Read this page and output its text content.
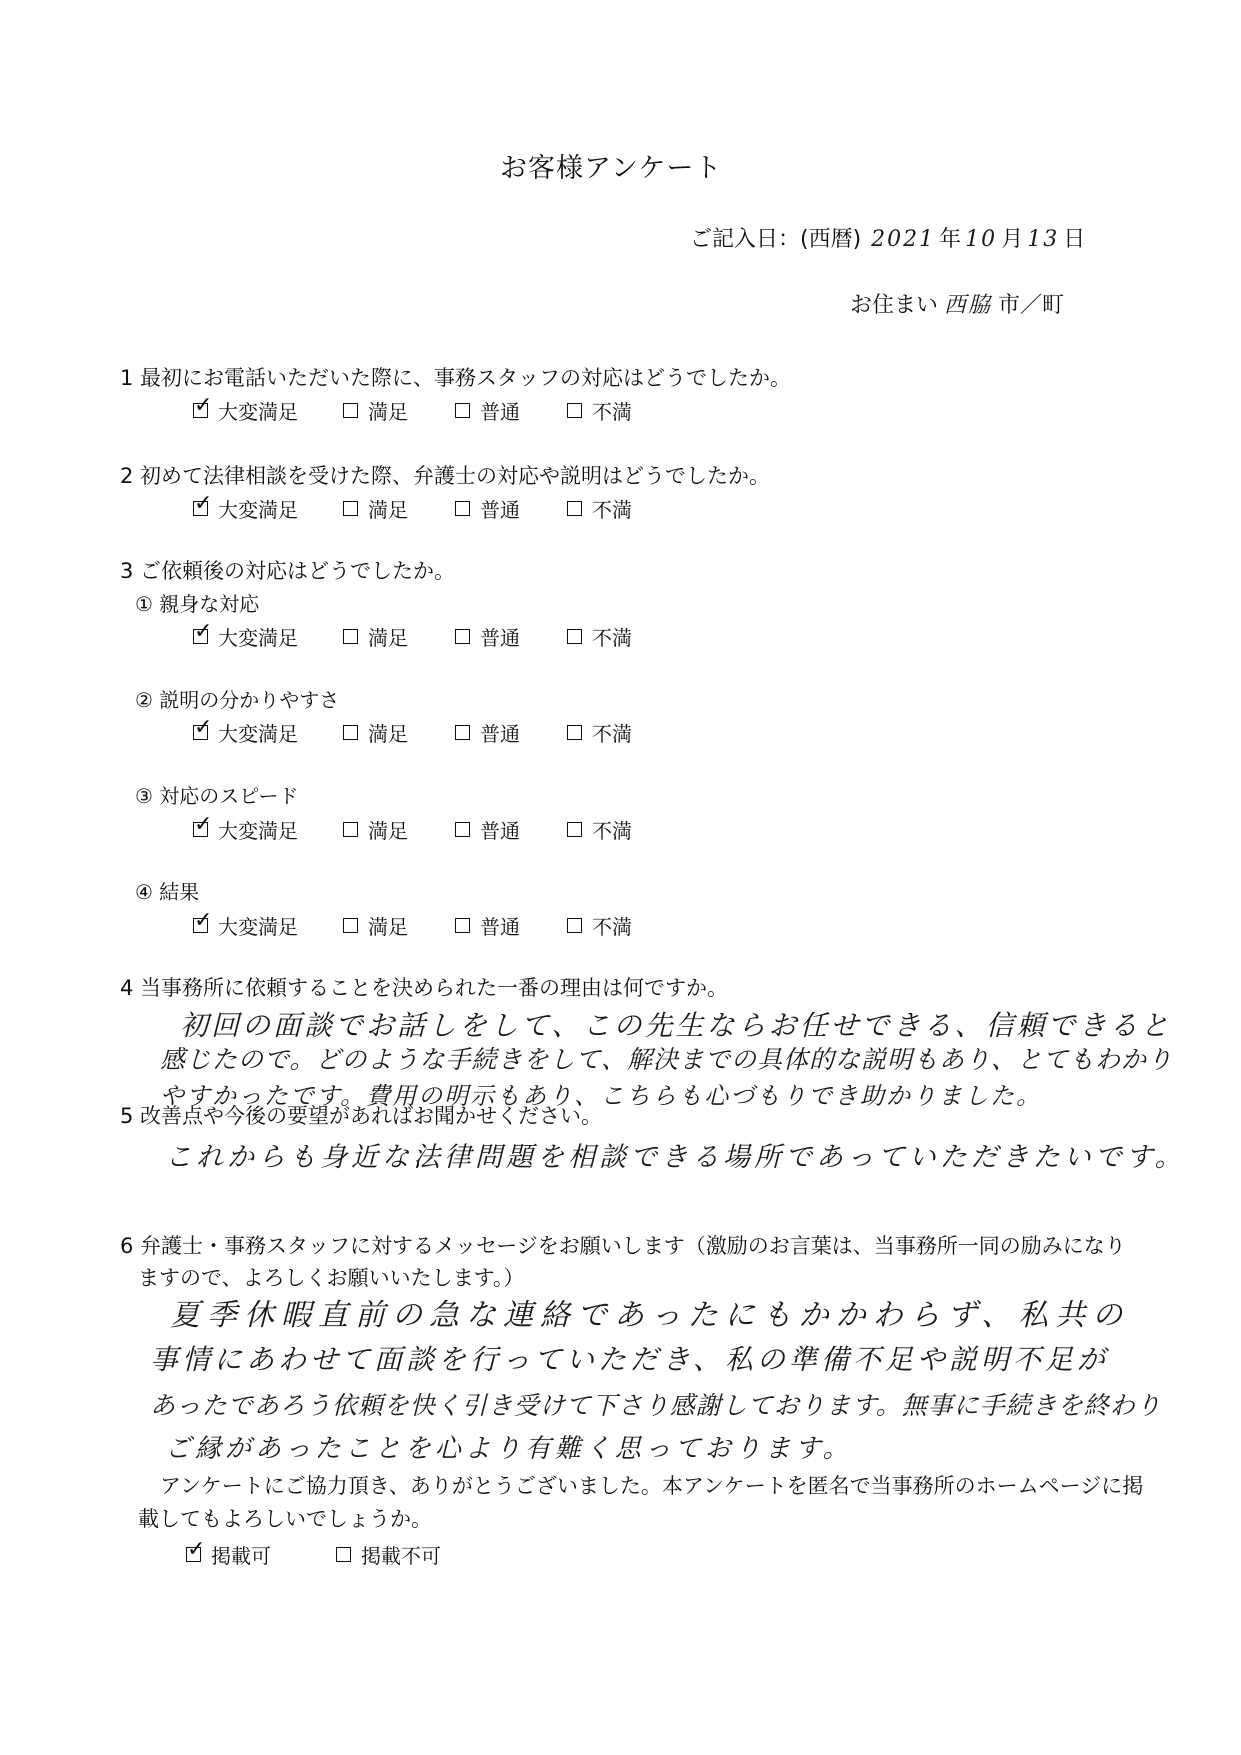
お客様アンケート
ご記入日：(西暦) 2021 年 10 月 13 日
お住まい 西脇 市／町
1 最初にお電話いただいた際に、事務スタッフの対応はどうでしたか。
✓
大変満足	満足	普通	不満
2 初めて法律相談を受けた際、弁護士の対応や説明はどうでしたか。
✓
大変満足	満足	普通	不満
3 ご依頼後の対応はどうでしたか。
① 親身な対応
✓
大変満足	満足	普通	不満
② 説明の分かりやすさ
✓
大変満足	満足	普通	不満
③ 対応のスピード
✓
大変満足	満足	普通	不満
④ 結果
✓
大変満足	満足	普通	不満
4 当事務所に依頼することを決められた一番の理由は何ですか。
初回の面談でお話しをして、この先生ならお任せできる、信頼できると
感じたので。どのような手続きをして、解決までの具体的な説明もあり、とてもわかり
やすかったです。費用の明示もあり、こちらも心づもりでき助かりました。
5 改善点や今後の要望があればお聞かせください。
これからも身近な法律問題を相談できる場所であっていただきたいです。
6 弁護士・事務スタッフに対するメッセージをお願いします（激励のお言葉は、当事務所一同の励みになり
ますので、よろしくお願いいたします。）
夏季休暇直前の急な連絡であったにもかかわらず、私共の
事情にあわせて面談を行っていただき、私の準備不足や説明不足が
あったであろう依頼を快く引き受けて下さり感謝しております。無事に手続きを終わり
ご縁があったことを心より有難く思っております。
アンケートにご協力頂き、ありがとうございました。本アンケートを匿名で当事務所のホームページに掲
載してもよろしいでしょうか。
✓
掲載可	掲載不可
